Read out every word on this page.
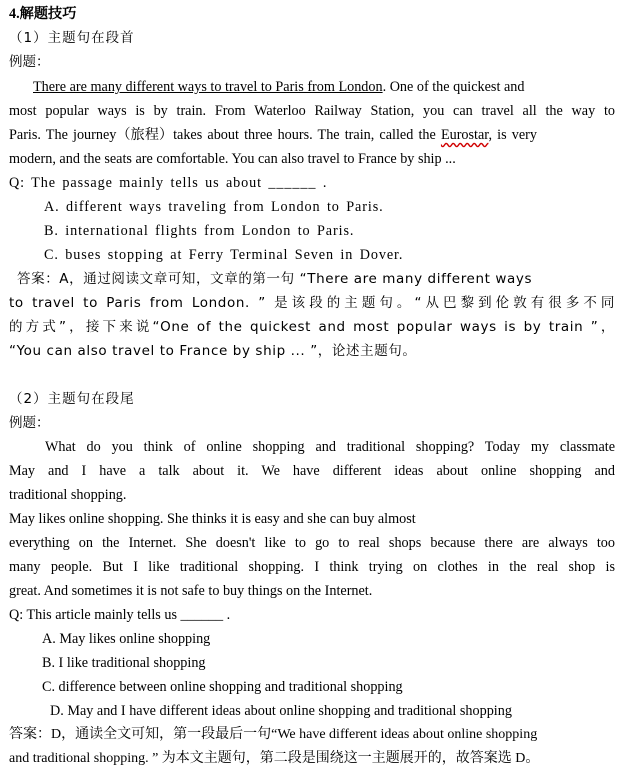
4.解题技巧
（1）主题句在段首
例题：
There are many different ways to travel to Paris from London. One of the quickest and
most popular ways is by train. From Waterloo Railway Station, you can travel all the way to
Paris. The journey（旅程）takes about three hours. The train, called the Eurostar, is very
modern, and the seats are comfortable. You can also travel to France by ship ...
Q: The passage mainly tells us about ______ .
A. different ways traveling from London to Paris.
B. international flights from London to Paris.
C. buses stopping at Ferry Terminal Seven in Dover.
答案：A，通过阅读文章可知，文章的第一句 “There are many different ways
to travel to Paris from London. ” 是该段的主题句。“从巴黎到伦敦有很多不同
的方式”，接下来说“One of the quickest and most popular ways is by train ”，
“You can also travel to France by ship ... ”，论述主题句。
（2）主题句在段尾
例题：
What do you think of online shopping and traditional shopping? Today my classmate
May and I have a talk about it. We have different ideas about online shopping and
traditional shopping.
May likes online shopping. She thinks it is easy and she can buy almost
everything on the Internet. She doesn't like to go to real shops because there are always too
many people. But I like traditional shopping. I think trying on clothes in the real shop is
great. And sometimes it is not safe to buy things on the Internet.
Q: This article mainly tells us ______ .
A. May likes online shopping
B. I like traditional shopping
C. difference between online shopping and traditional shopping
D. May and I have different ideas about online shopping and traditional shopping
答案：D，通读全文可知，第一段最后一句“We have different ideas about online shopping
and traditional shopping. ” 为本文主题句，第二段是围绕这一主题展开的，故答案选 D。
